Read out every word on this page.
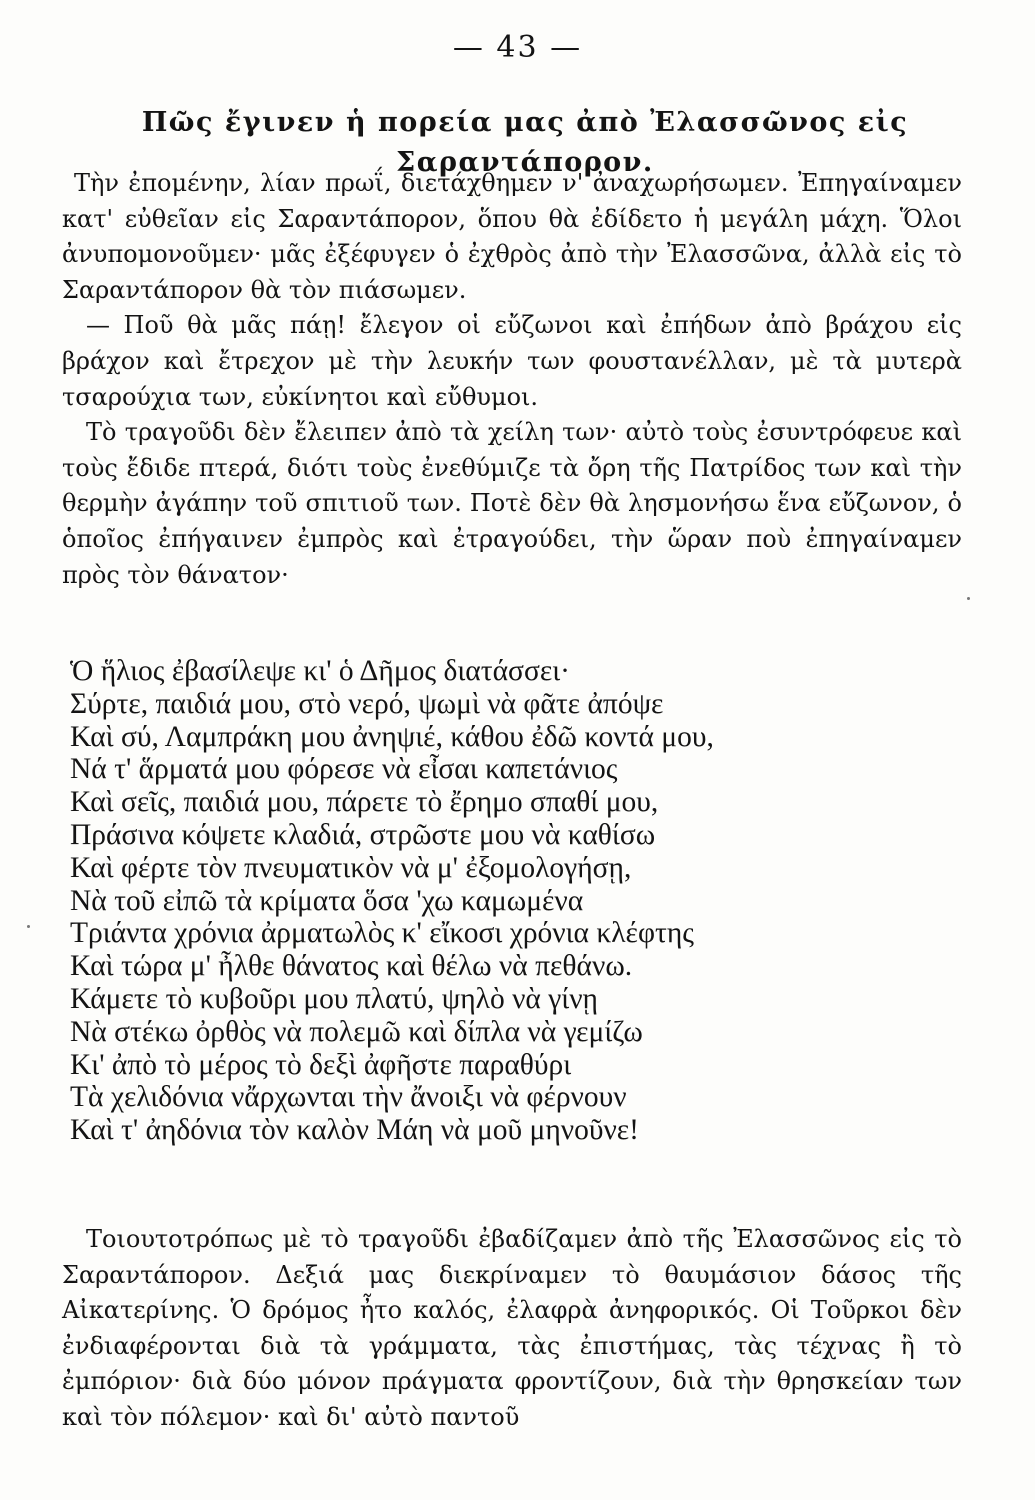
— 43 —
Πῶς ἔγινεν ἡ πορεία μας ἀπὸ Ἐλασσῶνος εἰς Σαραντάπορον.

Τὴν ἐπομένην, λίαν πρωΐ, διετάχθημεν ν' ἀναχωρήσωμεν. Ἐπηγαίναμεν κατ' εὐθεῖαν εἰς Σαραντάπορον, ὅπου θὰ ἐδίδετο ἡ μεγάλη μάχη. Ὅλοι ἀνυπομονοῦμεν· μᾶς ἐξέφυγεν ὁ ἐχθρὸς ἀπὸ τὴν Ἐλασσῶνα, ἀλλὰ εἰς τὸ Σαραντάπορον θὰ τὸν πιάσωμεν.

— Ποῦ θὰ μᾶς πάῃ! ἔλεγον οἱ εὔζωνοι καὶ ἐπήδων ἀπὸ βράχου εἰς βράχον καὶ ἔτρεχον μὲ τὴν λευκήν των φουστανέλλαν, μὲ τὰ μυτερὰ τσαρούχια των, εὐκίνητοι καὶ εὔθυμοι.

Τὸ τραγοῦδι δὲν ἔλειπεν ἀπὸ τὰ χείλη των· αὐτὸ τοὺς ἐσυντρόφευε καὶ τοὺς ἔδιδε πτερά, διότι τοὺς ἐνεθύμιζε τὰ ὄρη τῆς Πατρίδος των καὶ τὴν θερμὴν ἀγάπην τοῦ σπιτιοῦ των. Ποτὲ δὲν θὰ λησμονήσω ἕνα εὔζωνον, ὁ ὁποῖος ἐπήγαινεν ἐμπρὸς καὶ ἐτραγούδει, τὴν ὥραν ποὺ ἐπηγαίναμεν πρὸς τὸν θάνατον·

Ὁ ἥλιος ἐβασίλεψε κι' ὁ Δῆμος διατάσσει·
Σύρτε, παιδιά μου, στὸ νερό, ψωμὶ νὰ φᾶτε ἀπόψε
Καὶ σύ, Λαμπράκη μου ἀνηψιέ, κάθου ἐδῶ κοντά μου,
Νά τ' ἅρματά μου φόρεσε νὰ εἶσαι καπετάνιος
Καὶ σεῖς, παιδιά μου, πάρετε τὸ ἔρημο σπαθί μου,
Πράσινα κόψετε κλαδιά, στρῶστε μου νὰ καθίσω
Καὶ φέρτε τὸν πνευματικὸν νὰ μ' ἐξομολογήσῃ,
Νὰ τοῦ εἰπῶ τὰ κρίματα ὅσα 'χω καμωμένα
Τριάντα χρόνια ἀρματωλὸς κ' εἴκοσι χρόνια κλέφτης
Καὶ τώρα μ' ἦλθε θάνατος καὶ θέλω νὰ πεθάνω.
Κάμετε τὸ κυβοῦρι μου πλατύ, ψηλὸ νὰ γίνῃ
Νὰ στέκω ὀρθὸς νὰ πολεμῶ καὶ δίπλα νὰ γεμίζω
Κι' ἀπὸ τὸ μέρος τὸ δεξὶ ἀφῆστε παραθύρι
Τὰ χελιδόνια νἄρχωνται τὴν ἄνοιξι νὰ φέρνουν
Καὶ τ' ἀηδόνια τὸν καλὸν Μάη νὰ μοῦ μηνοῦνε!

Τοιουτοτρόπως μὲ τὸ τραγοῦδι ἐβαδίζαμεν ἀπὸ τῆς Ἐλασσῶνος εἰς τὸ Σαραντάπορον. Δεξιά μας διεκρίναμεν τὸ θαυμάσιον δάσος τῆς Αἰκατερίνης. Ὁ δρόμος ἦτο καλός, ἐλαφρὰ ἀνηφορικός. Οἱ Τοῦρκοι δὲν ἐνδιαφέρονται διὰ τὰ γράμματα, τὰς ἐπιστήμας, τὰς τέχνας ἢ τὸ ἐμπόριον· διὰ δύο μόνον πράγματα φροντίζουν, διὰ τὴν θρησκείαν των καὶ τὸν πόλεμον· καὶ δι' αὐτὸ παντοῦ
